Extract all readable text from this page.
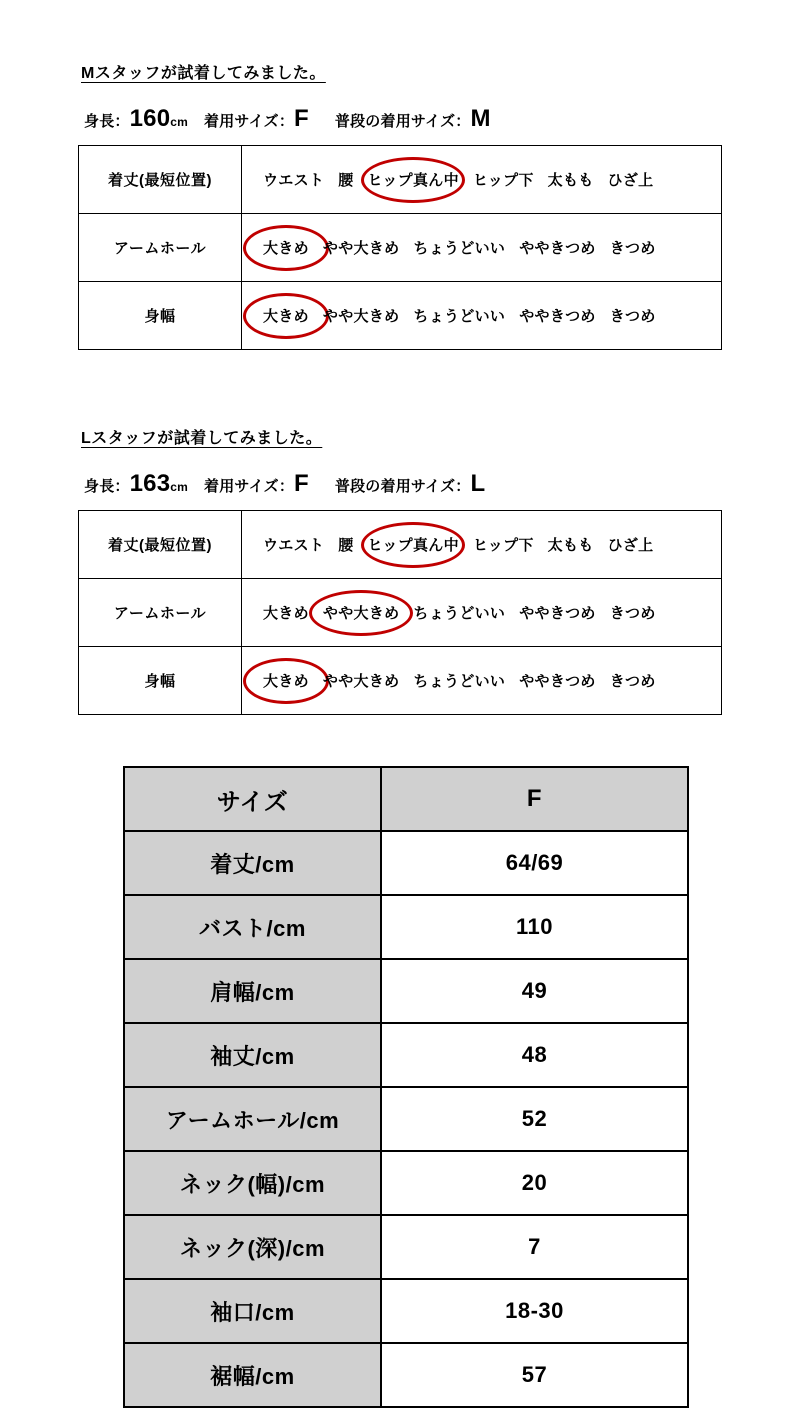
Mスタッフが試着してみました。
身長：160cm 着用サイズ：F 普段の着用サイズ：M
着丈(最短位置)	ウエスト 腰 ヒップ真ん中 ヒップ下 太もも ひざ上

アームホール	大きめ やや大きめ ちょうどいい ややきつめ きつめ

身幅	大きめ やや大きめ ちょうどいい ややきつめ きつめ
Lスタッフが試着してみました。
身長：163cm 着用サイズ：F 普段の着用サイズ：L
着丈(最短位置)	ウエスト 腰 ヒップ真ん中 ヒップ下 太もも ひざ上

アームホール	大きめ やや大きめ ちょうどいい ややきつめ きつめ

身幅	大きめ やや大きめ ちょうどいい ややきつめ きつめ
サイズ	F
着丈/cm	64/69
バスト/cm	110
肩幅/cm	49
袖丈/cm	48
アームホール/cm	52
ネック(幅)/cm	20
ネック(深)/cm	7
袖口/cm	18-30
裾幅/cm	57
